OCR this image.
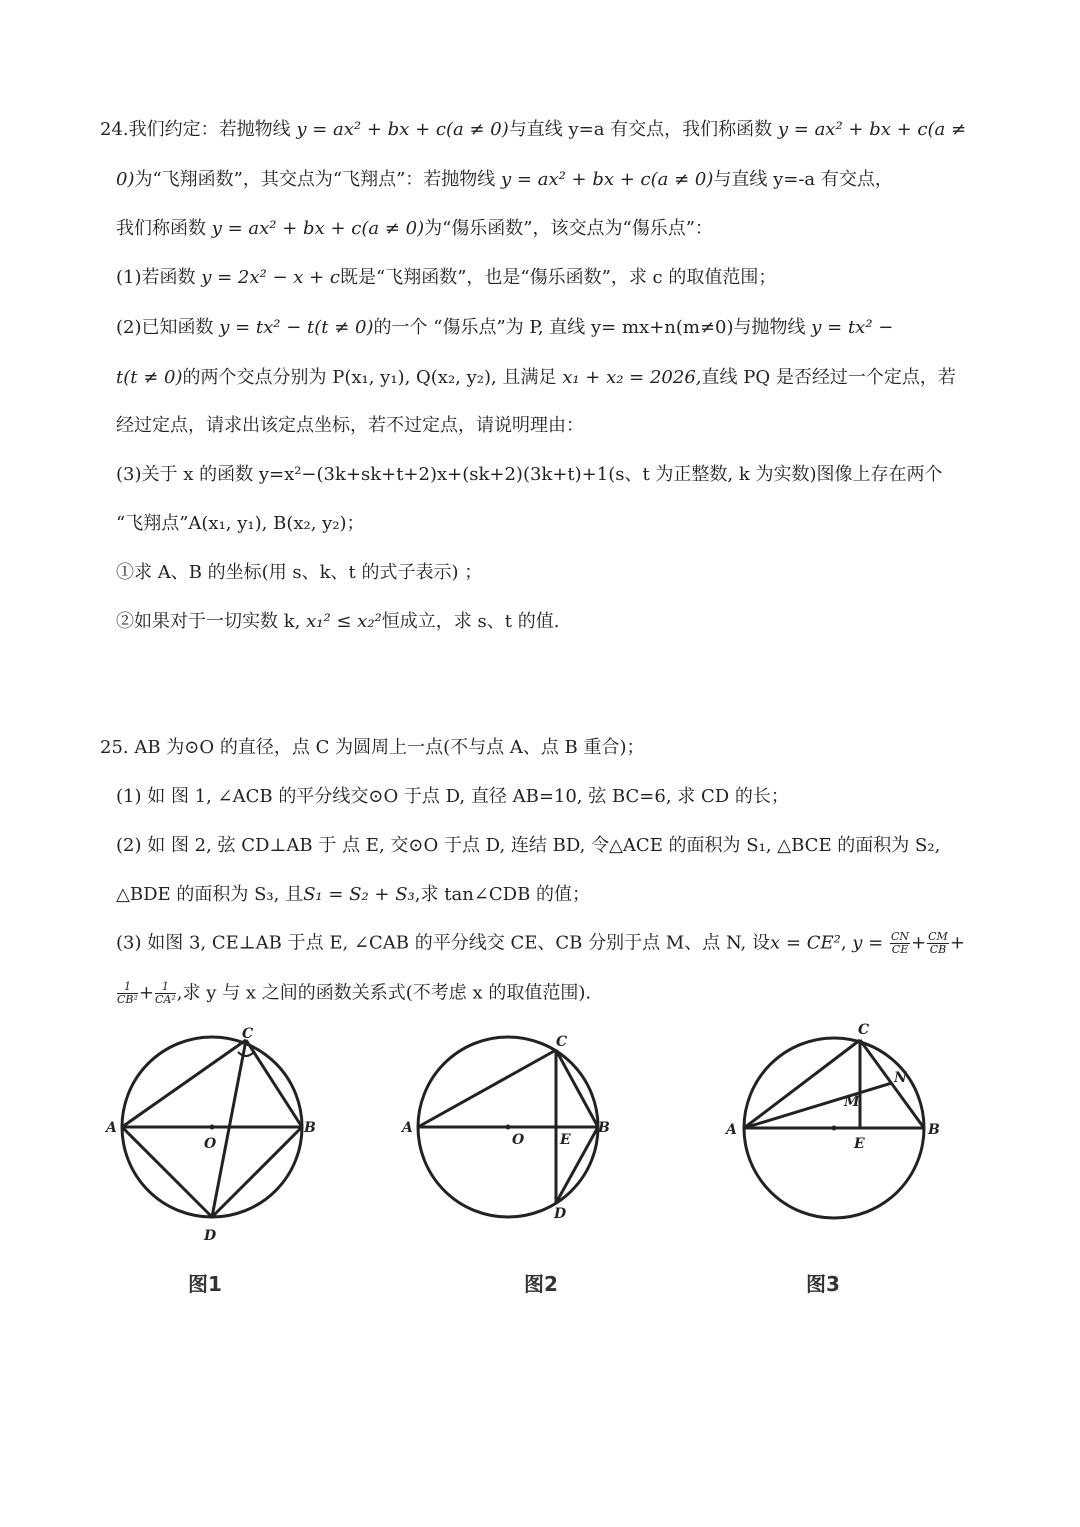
24.我们约定：若抛物线 y = ax² + bx + c(a ≠ 0)与直线 y=a 有交点，我们称函数 y = ax² + bx + c(a ≠
0)为“飞翔函数”，其交点为“飞翔点”：若抛物线 y = ax² + bx + c(a ≠ 0)与直线 y=-a 有交点，
我们称函数 y = ax² + bx + c(a ≠ 0)为“傷乐函数”，该交点为“傷乐点”：
(1)若函数 y = 2x² − x + c既是“飞翔函数”，也是“傷乐函数”，求 c 的取值范围；
(2)已知函数 y = tx² − t(t ≠ 0)的一个 “傷乐点”为 P, 直线 y= mx+n(m≠0)与抛物线 y = tx² −
t(t ≠ 0)的两个交点分别为 P(x₁, y₁), Q(x₂, y₂), 且满足 x₁ + x₂ = 2026,直线 PQ 是否经过一个定点，若
经过定点，请求出该定点坐标，若不过定点，请说明理由：
(3)关于 x 的函数 y=x²−(3k+sk+t+2)x+(sk+2)(3k+t)+1(s、t 为正整数, k 为实数)图像上存在两个
“飞翔点”A(x₁, y₁), B(x₂, y₂)；
①求 A、B 的坐标(用 s、k、t 的式子表示) ；
②如果对于一切实数 k, x₁² ≤ x₂²恒成立，求 s、t 的值.
25. AB 为⊙O 的直径，点 C 为圆周上一点(不与点 A、点 B 重合)；
(1) 如 图 1, ∠ACB 的平分线交⊙O 于点 D, 直径 AB=10, 弦 BC=6, 求 CD 的长；
(2) 如 图 2, 弦 CD⊥AB 于 点 E, 交⊙O 于点 D, 连结 BD, 令△ACE 的面积为 S₁, △BCE 的面积为 S₂,
△BDE 的面积为 S₃, 且S₁ = S₂ + S₃,求 tan∠CDB 的值；
(3) 如图 3, CE⊥AB 于点 E, ∠CAB 的平分线交 CE、CB 分别于点 M、点 N, 设x = CE², $y = \frac{CN}{CE} + \frac{CM}{CB}$ +
$\frac{1}{\text{CB²}} + \frac{1}{\text{CA²}}$ ,求 y 与 x 之间的函数关系式(不考虑 x 的取值范围).
C
A	B
O
D
图1
C
A	B
O	E
D
图2
C
A	B
E
M
N
图3
